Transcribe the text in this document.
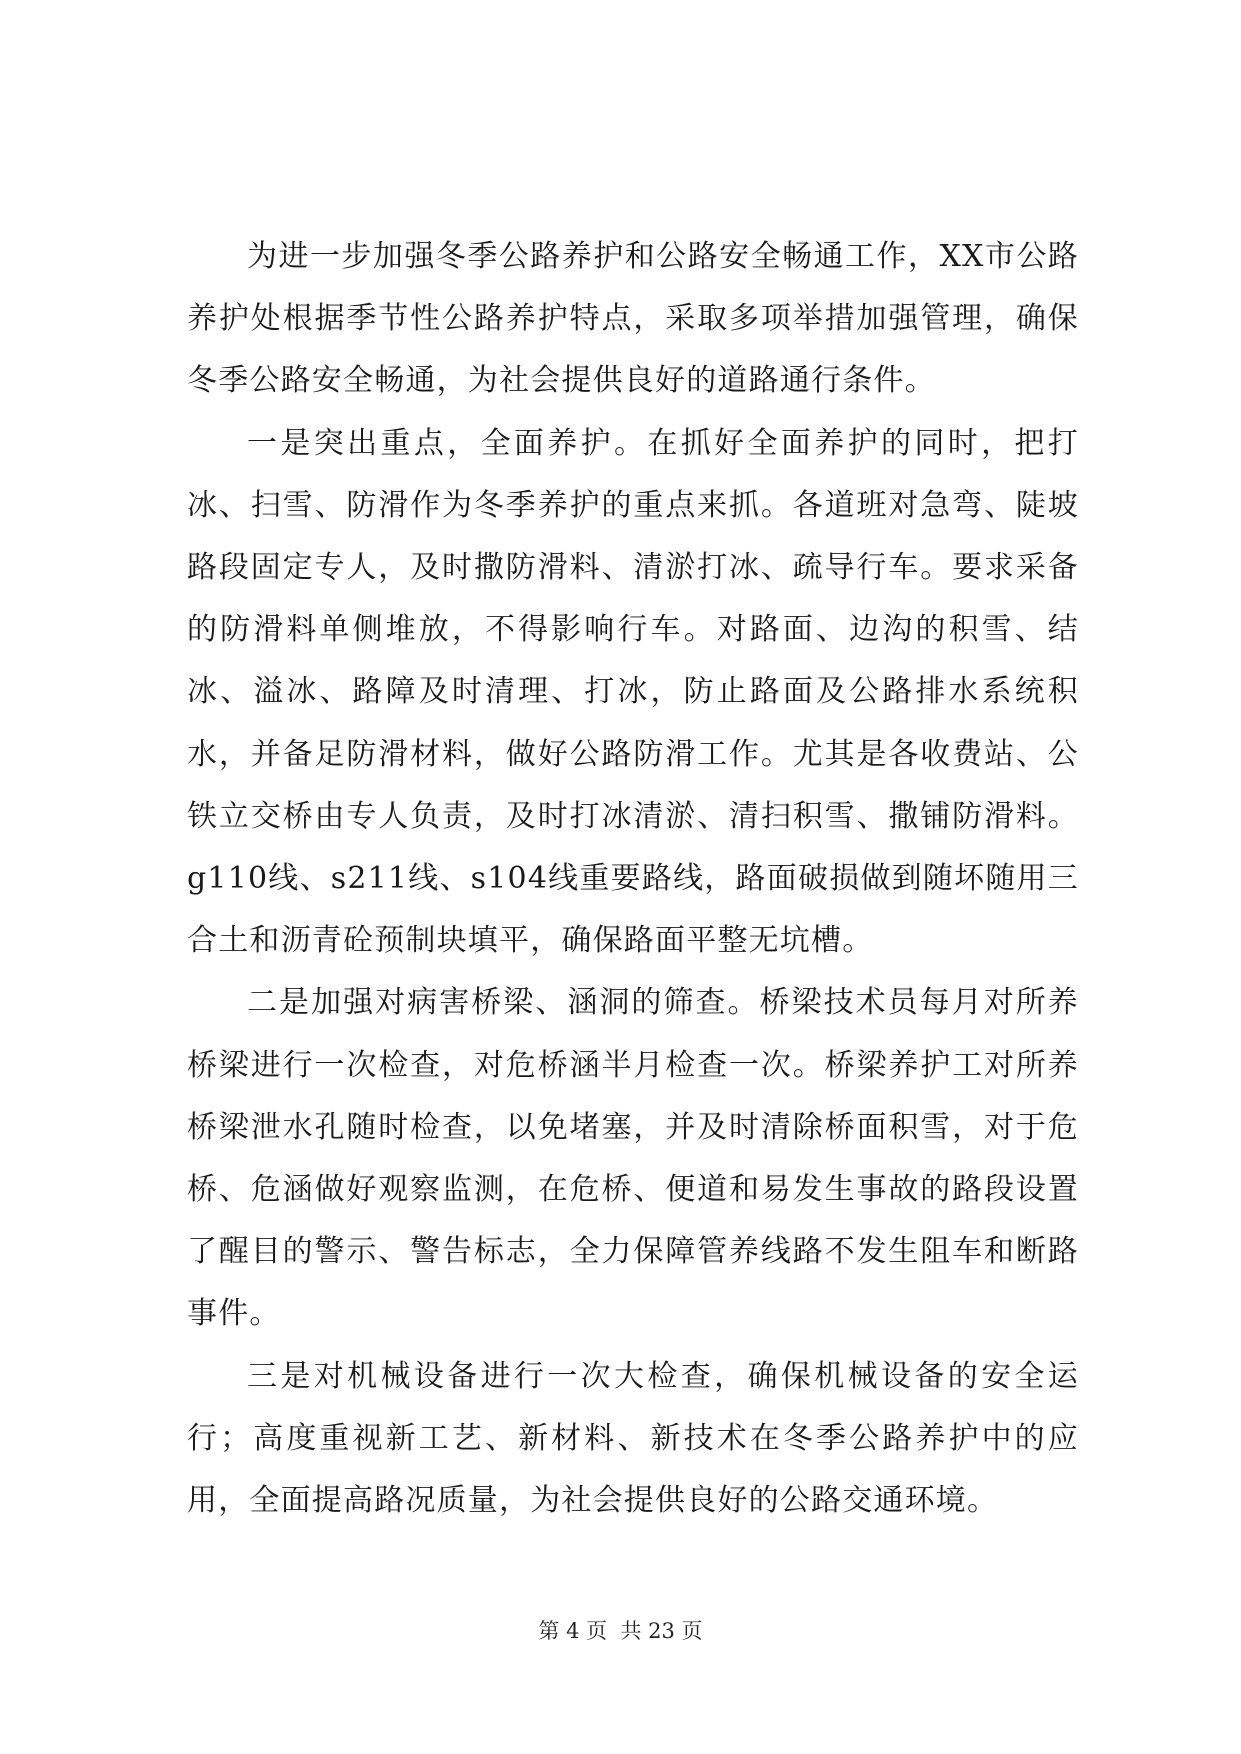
为进一步加强冬季公路养护和公路安全畅通工作，XX市公路养护处根据季节性公路养护特点，采取多项举措加强管理，确保冬季公路安全畅通，为社会提供良好的道路通行条件。

一是突出重点，全面养护。在抓好全面养护的同时，把打冰、扫雪、防滑作为冬季养护的重点来抓。各道班对急弯、陡坡路段固定专人，及时撒防滑料、清淤打冰、疏导行车。要求采备的防滑料单侧堆放，不得影响行车。对路面、边沟的积雪、结冰、溢冰、路障及时清理、打冰，防止路面及公路排水系统积水，并备足防滑材料，做好公路防滑工作。尤其是各收费站、公铁立交桥由专人负责，及时打冰清淤、清扫积雪、撒铺防滑料。g110线、s211线、s104线重要路线，路面破损做到随坏随用三合土和沥青砼预制块填平，确保路面平整无坑槽。

二是加强对病害桥梁、涵洞的筛查。桥梁技术员每月对所养桥梁进行一次检查，对危桥涵半月检查一次。桥梁养护工对所养桥梁泄水孔随时检查，以免堵塞，并及时清除桥面积雪，对于危桥、危涵做好观察监测，在危桥、便道和易发生事故的路段设置了醒目的警示、警告标志，全力保障管养线路不发生阻车和断路事件。

三是对机械设备进行一次大检查，确保机械设备的安全运行；高度重视新工艺、新材料、新技术在冬季公路养护中的应用，全面提高路况质量，为社会提供良好的公路交通环境。

第 4 页  共 23 页
